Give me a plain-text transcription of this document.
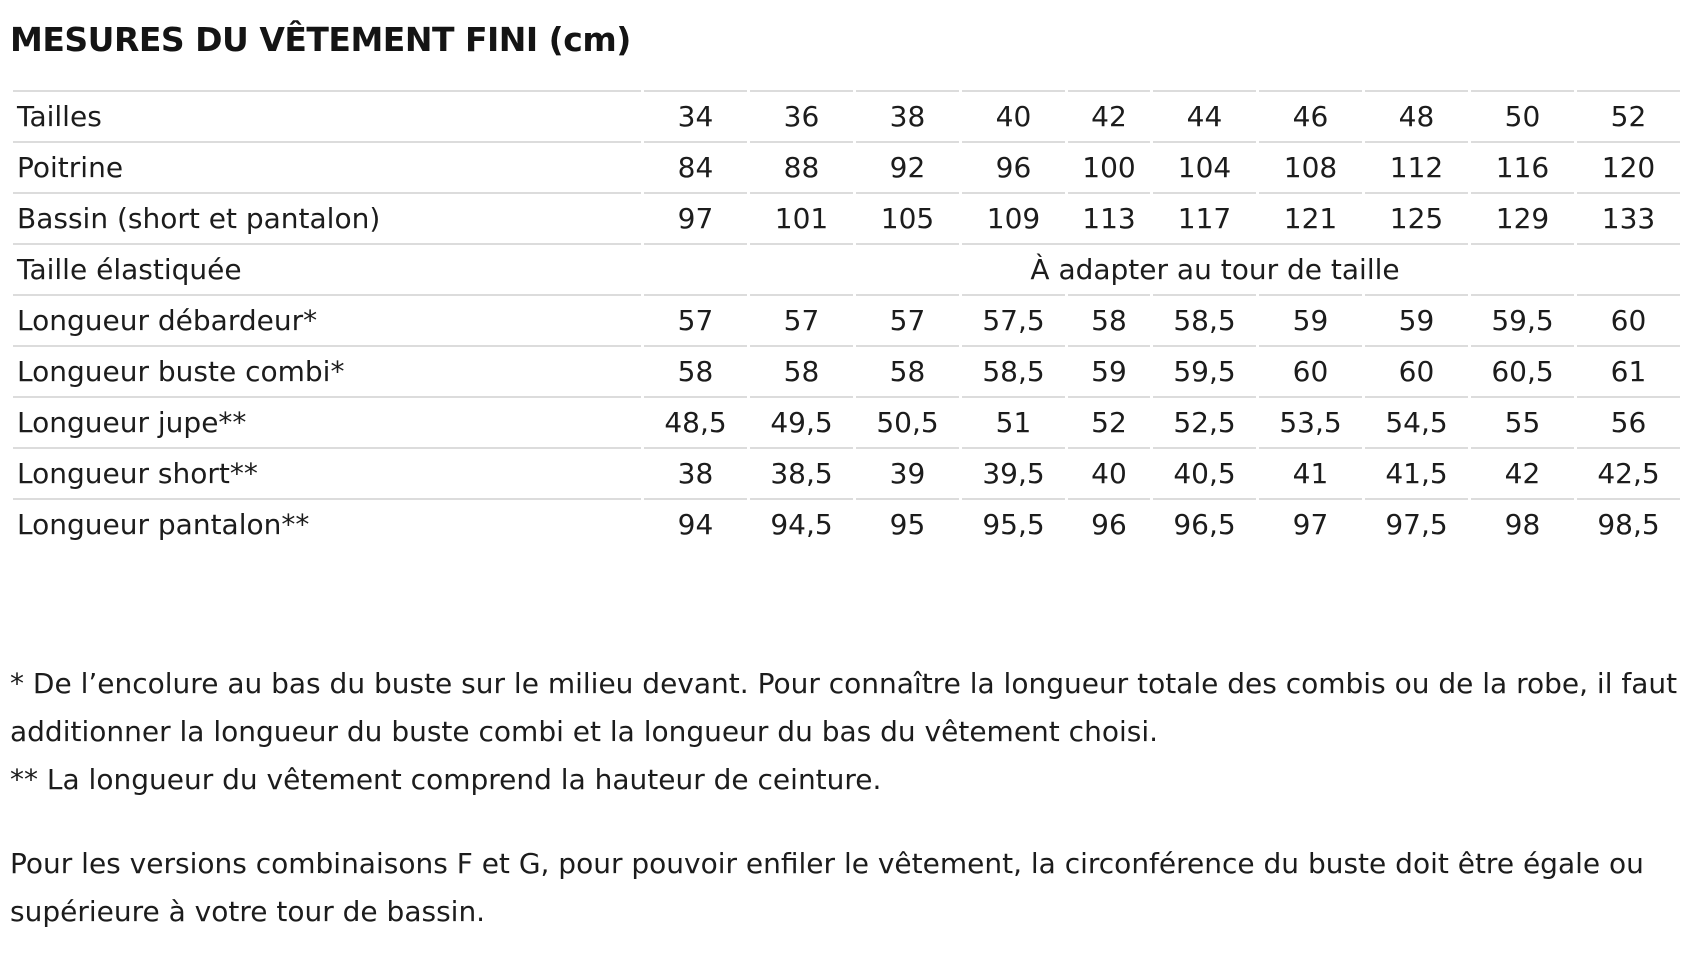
MESURES DU VÊTEMENT FINI (cm)
Tailles	34	36	38	40	42	44	46	48	50	52
Poitrine	84	88	92	96	100	104	108	112	116	120
Bassin (short et pantalon)	97	101	105	109	113	117	121	125	129	133
Taille élastiquée				À adapter au tour de taille						
Longueur débardeur*	57	57	57	57,5	58	58,5	59	59	59,5	60
Longueur buste combi*	58	58	58	58,5	59	59,5	60	60	60,5	61
Longueur jupe**	48,5	49,5	50,5	51	52	52,5	53,5	54,5	55	56
Longueur short**	38	38,5	39	39,5	40	40,5	41	41,5	42	42,5
Longueur pantalon**	94	94,5	95	95,5	96	96,5	97	97,5	98	98,5

* De l’encolure au bas du buste sur le milieu devant. Pour connaître la longueur totale des combis ou de la robe, il faut additionner la longueur du buste combi et la longueur du bas du vêtement choisi.

** La longueur du vêtement comprend la hauteur de ceinture.

Pour les versions combinaisons F et G, pour pouvoir enfiler le vêtement, la circonférence du buste doit être égale ou supérieure à votre tour de bassin.
